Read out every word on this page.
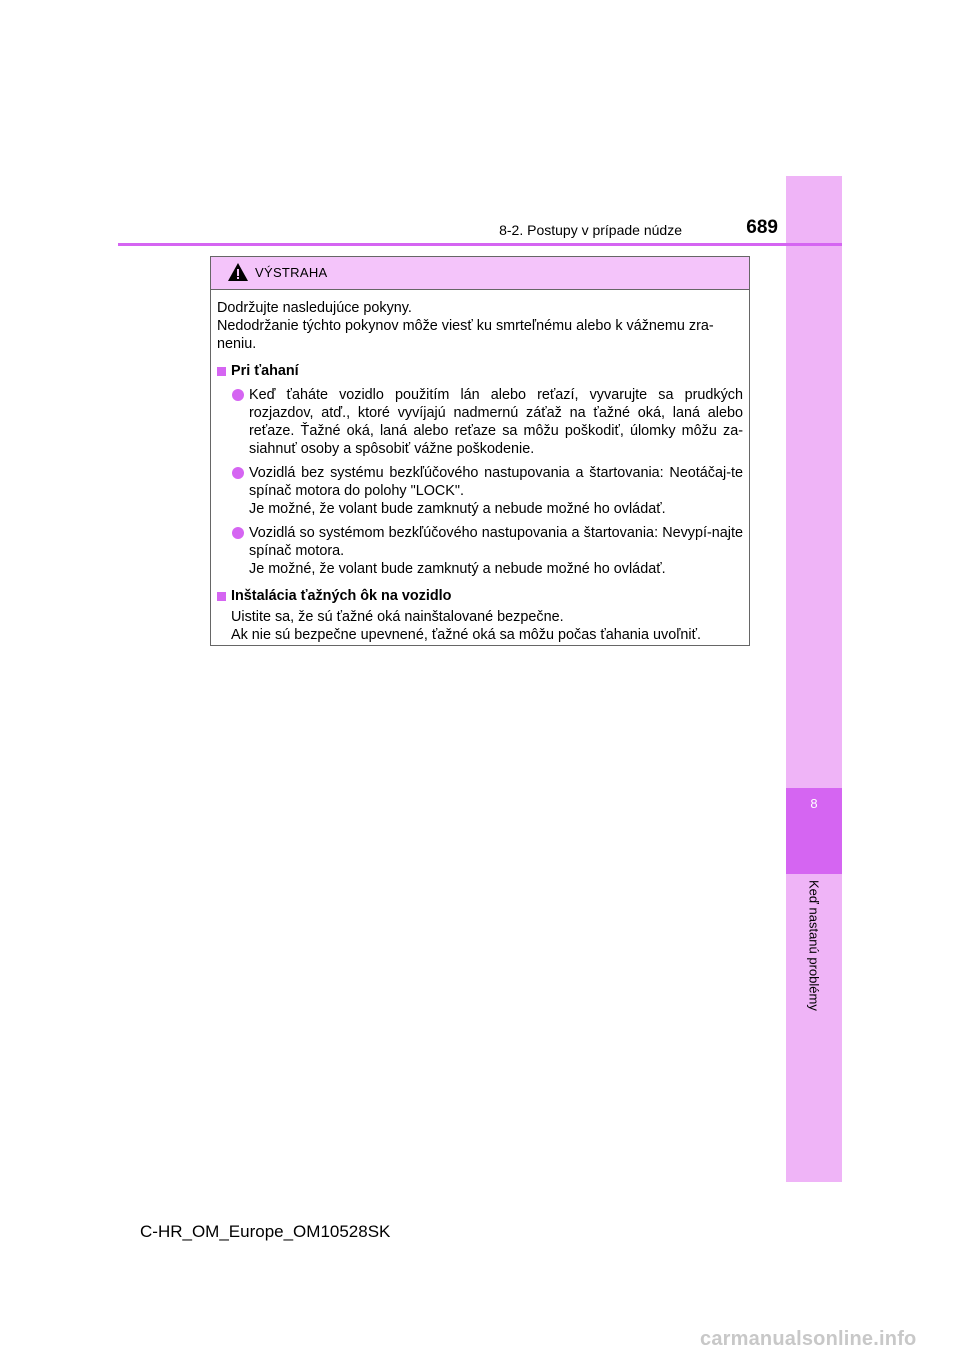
8
Keď nastanú problémy
8-2. Postupy v prípade núdze	689
VÝSTRAHA

Dodržujte nasledujúce pokyny.

Nedodržanie týchto pokynov môže viesť ku smrteľnému alebo k vážnemu zra-neniu.

Pri ťahaní
Keď ťaháte vozidlo použitím lán alebo reťazí, vyvarujte sa prudkých rozjazdov, atď., ktoré vyvíjajú nadmernú záťaž na ťažné oká, laná alebo reťaze. Ťažné oká, laná alebo reťaze sa môžu poškodiť, úlomky môžu za-siahnuť osoby a spôsobiť vážne poškodenie.
Vozidlá bez systému bezkľúčového nastupovania a štartovania: Neotáčaj-te spínač motora do polohy "LOCK".
Je možné, že volant bude zamknutý a nebude možné ho ovládať.
Vozidlá so systémom bezkľúčového nastupovania a štartovania: Nevypí-najte spínač motora.
Je možné, že volant bude zamknutý a nebude možné ho ovládať.
Inštalácia ťažných ôk na vozidlo
Uistite sa, že sú ťažné oká nainštalované bezpečne.
Ak nie sú bezpečne upevnené, ťažné oká sa môžu počas ťahania uvoľniť.
C-HR_OM_Europe_OM10528SK
carmanualsonline.info
